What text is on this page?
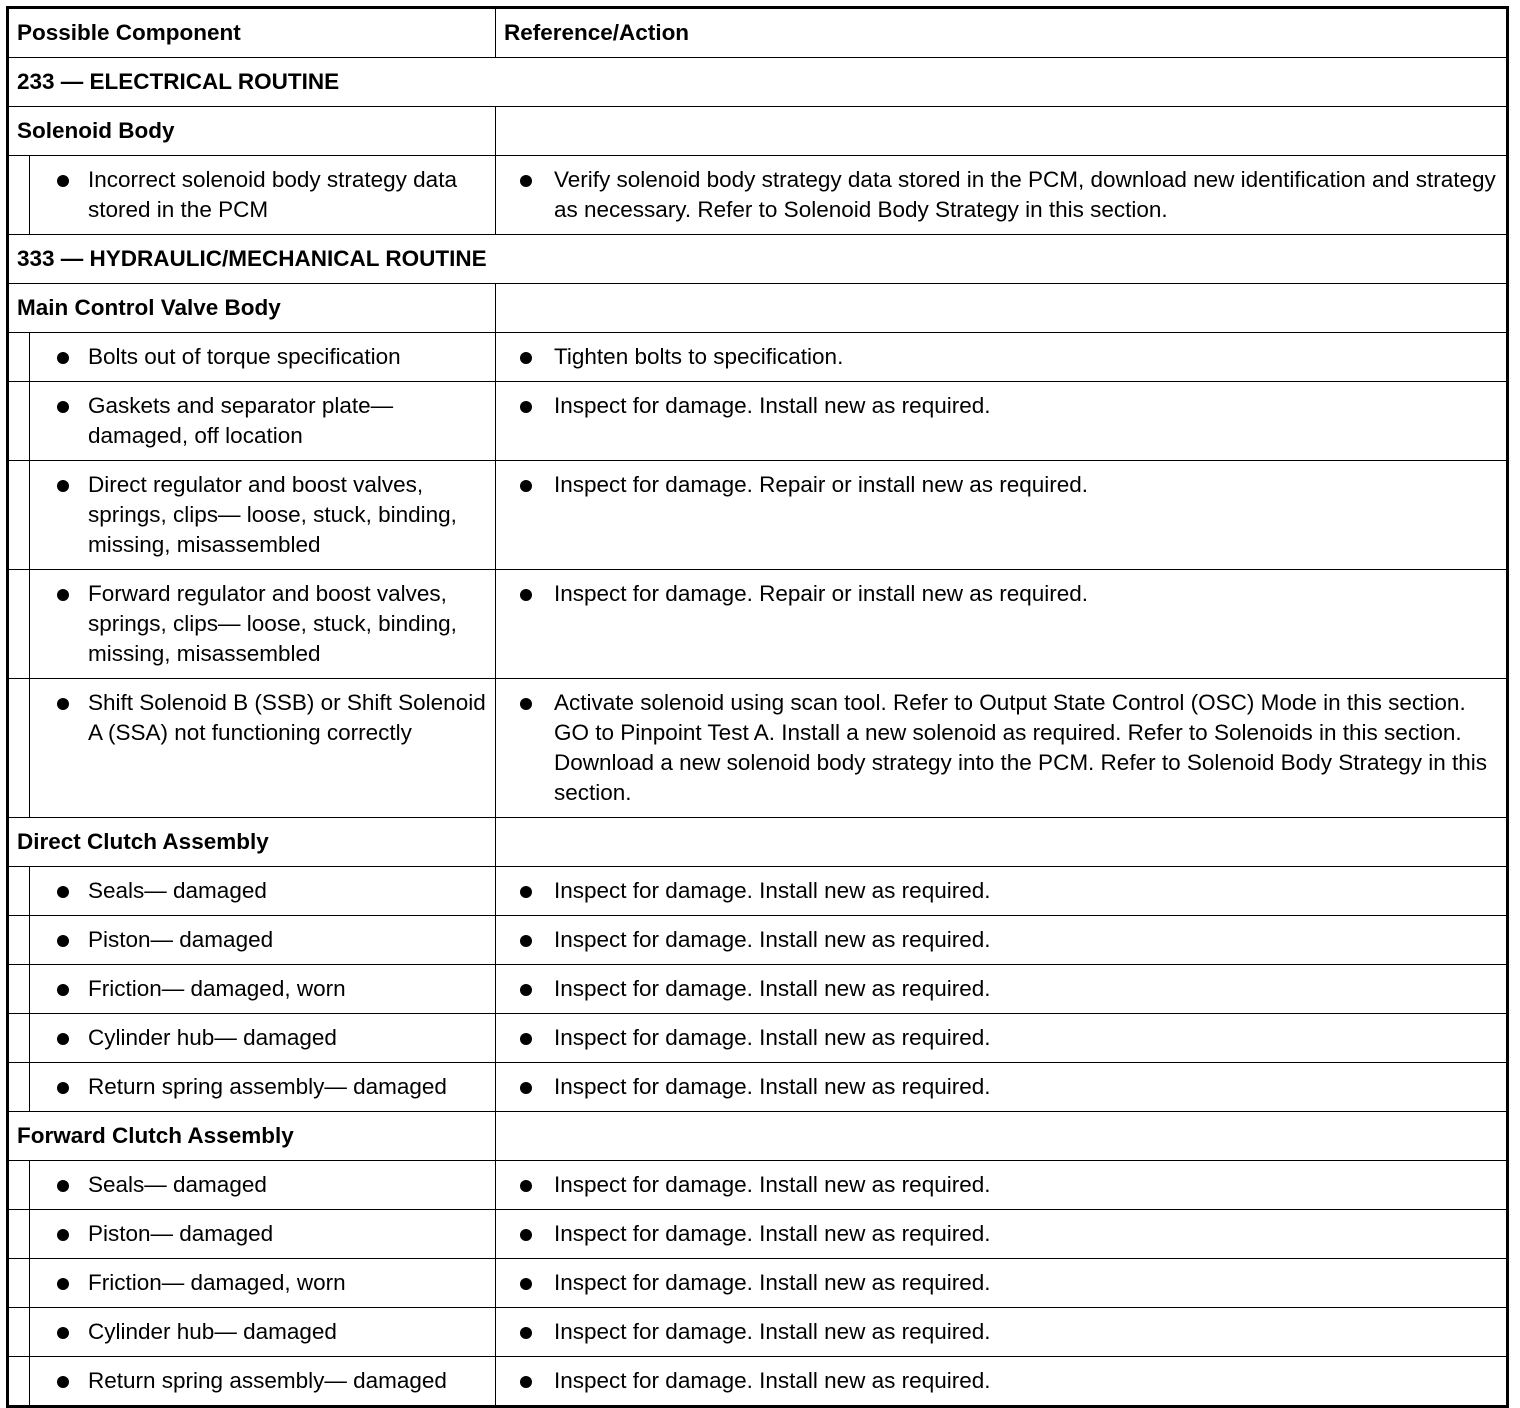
Possible Component		Reference/Action
233 — ELECTRICAL ROUTINE		
Solenoid Body		

Incorrect solenoid body strategy data stored in the PCM	Verify solenoid body strategy data stored in the PCM, download new identification and strategy as necessary. Refer to Solenoid Body Strategy in this section.

333 — HYDRAULIC/MECHANICAL ROUTINE		
Main Control Valve Body		

Bolts out of torque specification	Tighten bolts to specification.

Gaskets and separator plate— damaged, off location	Inspect for damage. Install new as required.

Direct regulator and boost valves, springs, clips— loose, stuck, binding, missing, misassembled	Inspect for damage. Repair or install new as required.

Forward regulator and boost valves, springs, clips— loose, stuck, binding, missing, misassembled	Inspect for damage. Repair or install new as required.

Shift Solenoid B (SSB) or Shift Solenoid A (SSA) not functioning correctly	Activate solenoid using scan tool. Refer to Output State Control (OSC) Mode in this section. GO to Pinpoint Test A. Install a new solenoid as required. Refer to Solenoids in this section. Download a new solenoid body strategy into the PCM. Refer to Solenoid Body Strategy in this section.

Direct Clutch Assembly		

Seals— damaged	Inspect for damage. Install new as required.

Piston— damaged	Inspect for damage. Install new as required.

Friction— damaged, worn	Inspect for damage. Install new as required.

Cylinder hub— damaged	Inspect for damage. Install new as required.

Return spring assembly— damaged	Inspect for damage. Install new as required.

Forward Clutch Assembly		

Seals— damaged	Inspect for damage. Install new as required.

Piston— damaged	Inspect for damage. Install new as required.

Friction— damaged, worn	Inspect for damage. Install new as required.

Cylinder hub— damaged	Inspect for damage. Install new as required.

Return spring assembly— damaged	Inspect for damage. Install new as required.
